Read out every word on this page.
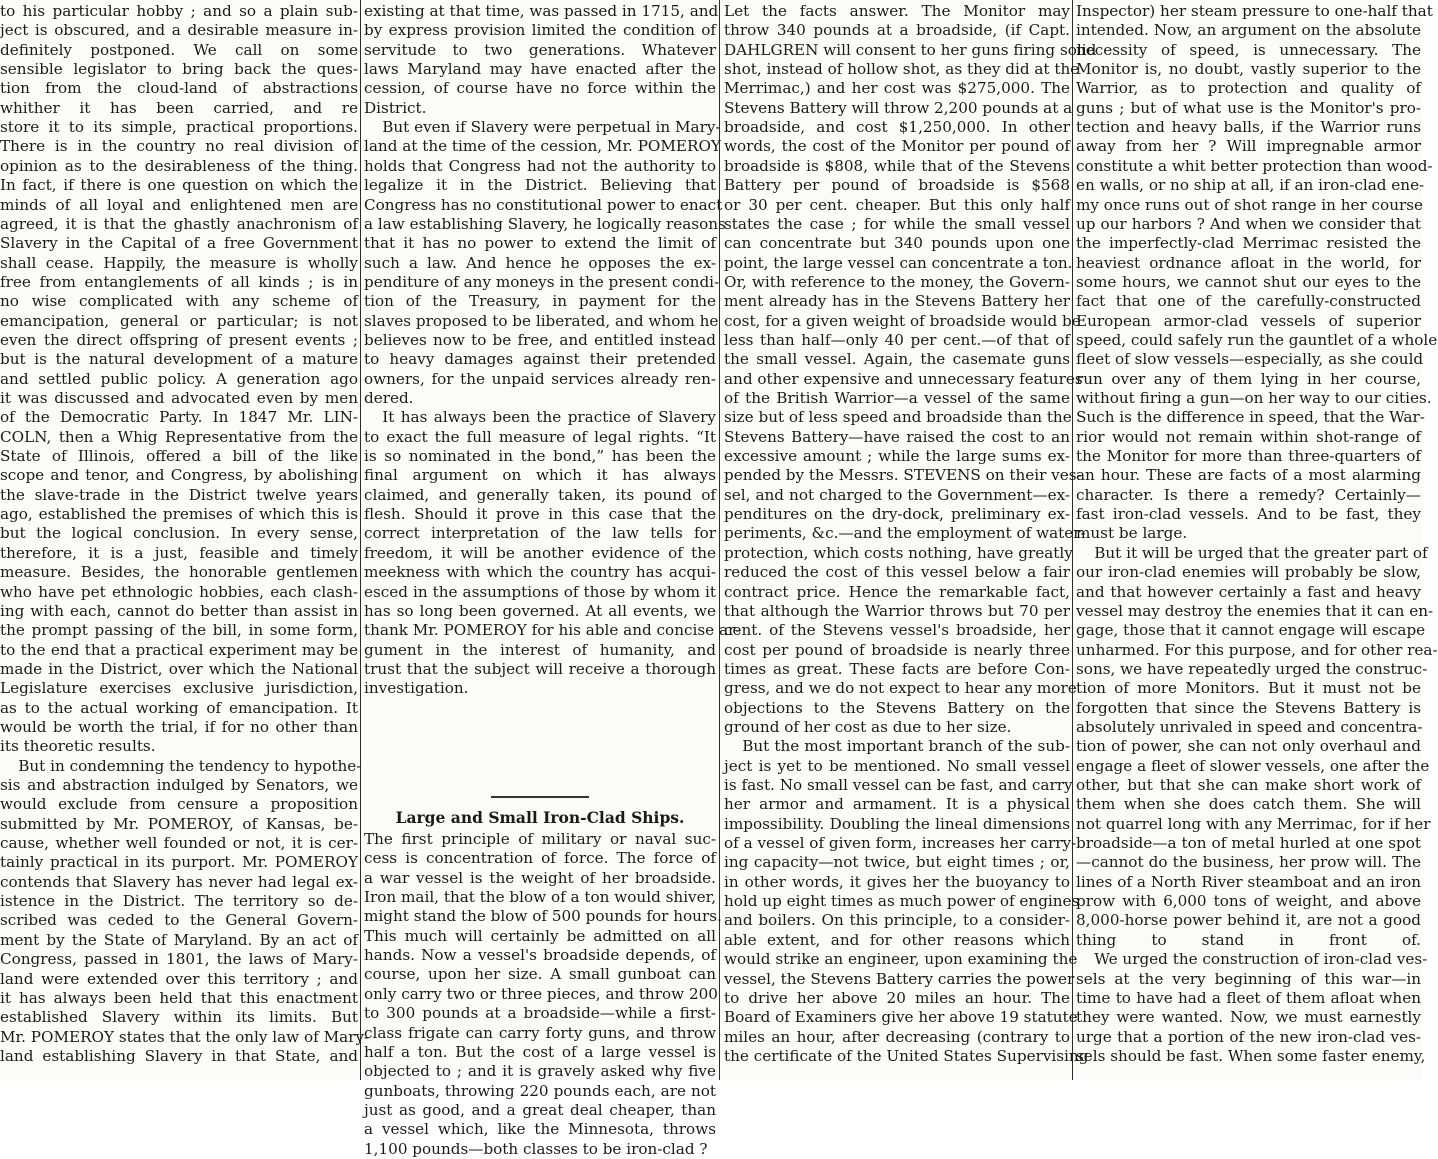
to his particular hobby ; and so a plain sub-
ject is obscured, and a desirable measure in-
definitely postponed. We call on some
sensible legislator to bring back the ques-
tion from the cloud-land of abstractions
whither it has been carried, and re
store it to its simple, practical proportions.
There is in the country no real division of
opinion as to the desirableness of the thing.
In fact, if there is one question on which the
minds of all loyal and enlightened men are
agreed, it is that the ghastly anachronism of
Slavery in the Capital of a free Government
shall cease. Happily, the measure is wholly
free from entanglements of all kinds ; is in
no wise complicated with any scheme of
emancipation, general or particular; is not
even the direct offspring of present events ;
but is the natural development of a mature
and settled public policy. A generation ago
it was discussed and advocated even by men
of the Democratic Party. In 1847 Mr. LIN-
COLN, then a Whig Representative from the
State of Illinois, offered a bill of the like
scope and tenor, and Congress, by abolishing
the slave-trade in the District twelve years
ago, established the premises of which this is
but the logical conclusion. In every sense,
therefore, it is a just, feasible and timely
measure. Besides, the honorable gentlemen
who have pet ethnologic hobbies, each clash-
ing with each, cannot do better than assist in
the prompt passing of the bill, in some form,
to the end that a practical experiment may be
made in the District, over which the National
Legislature exercises exclusive jurisdiction,
as to the actual working of emancipation. It
would be worth the trial, if for no other than
its theoretic results.
But in condemning the tendency to hypothe-
sis and abstraction indulged by Senators, we
would exclude from censure a proposition
submitted by Mr. POMEROY, of Kansas, be-
cause, whether well founded or not, it is cer-
tainly practical in its purport. Mr. POMEROY
contends that Slavery has never had legal ex-
istence in the District. The territory so de-
scribed was ceded to the General Govern-
ment by the State of Maryland. By an act of
Congress, passed in 1801, the laws of Mary-
land were extended over this territory ; and
it has always been held that this enactment
established Slavery within its limits. But
Mr. POMEROY states that the only law of Mary-
land establishing Slavery in that State, and
Large and Small Iron-Clad Ships.
existing at that time, was passed in 1715, and
by express provision limited the condition of
servitude to two generations. Whatever
laws Maryland may have enacted after the
cession, of course have no force within the
District.
But even if Slavery were perpetual in Mary-
land at the time of the cession, Mr. POMEROY
holds that Congress had not the authority to
legalize it in the District. Believing that
Congress has no constitutional power to enact
a law establishing Slavery, he logically reasons
that it has no power to extend the limit of
such a law. And hence he opposes the ex-
penditure of any moneys in the present condi-
tion of the Treasury, in payment for the
slaves proposed to be liberated, and whom he
believes now to be free, and entitled instead
to heavy damages against their pretended
owners, for the unpaid services already ren-
dered.
It has always been the practice of Slavery
to exact the full measure of legal rights. “It
is so nominated in the bond,” has been the
final argument on which it has always
claimed, and generally taken, its pound of
flesh. Should it prove in this case that the
correct interpretation of the law tells for
freedom, it will be another evidence of the
meekness with which the country has acqui-
esced in the assumptions of those by whom it
has so long been governed. At all events, we
thank Mr. POMEROY for his able and concise ar-
gument in the interest of humanity, and
trust that the subject will receive a thorough
investigation.
The first principle of military or naval suc-
cess is concentration of force. The force of
a war vessel is the weight of her broadside.
Iron mail, that the blow of a ton would shiver,
might stand the blow of 500 pounds for hours.
This much will certainly be admitted on all
hands. Now a vessel's broadside depends, of
course, upon her size. A small gunboat can
only carry two or three pieces, and throw 200
to 300 pounds at a broadside—while a first-
class frigate can carry forty guns, and throw
half a ton. But the cost of a large vessel is
objected to ; and it is gravely asked why five
gunboats, throwing 220 pounds each, are not
just as good, and a great deal cheaper, than
a vessel which, like the Minnesota, throws
1,100 pounds—both classes to be iron-clad ?
Let the facts answer. The Monitor may
throw 340 pounds at a broadside, (if Capt.
DAHLGREN will consent to her guns firing solid
shot, instead of hollow shot, as they did at the
Merrimac,) and her cost was $275,000. The
Stevens Battery will throw 2,200 pounds at a
broadside, and cost $1,250,000. In other
words, the cost of the Monitor per pound of
broadside is $808, while that of the Stevens
Battery per pound of broadside is $568
or 30 per cent. cheaper. But this only half
states the case ; for while the small vessel
can concentrate but 340 pounds upon one
point, the large vessel can concentrate a ton.
Or, with reference to the money, the Govern-
ment already has in the Stevens Battery her
cost, for a given weight of broadside would be
less than half—only 40 per cent.—of that of
the small vessel. Again, the casemate guns
and other expensive and unnecessary features
of the British Warrior—a vessel of the same
size but of less speed and broadside than the
Stevens Battery—have raised the cost to an
excessive amount ; while the large sums ex-
pended by the Messrs. STEVENS on their ves-
sel, and not charged to the Government—ex-
penditures on the dry-dock, preliminary ex-
periments, &c.—and the employment of water-
protection, which costs nothing, have greatly
reduced the cost of this vessel below a fair
contract price. Hence the remarkable fact,
that although the Warrior throws but 70 per
cent. of the Stevens vessel's broadside, her
cost per pound of broadside is nearly three
times as great. These facts are before Con-
gress, and we do not expect to hear any more
objections to the Stevens Battery on the
ground of her cost as due to her size.
But the most important branch of the sub-
ject is yet to be mentioned. No small vessel
is fast. No small vessel can be fast, and carry
her armor and armament. It is a physical
impossibility. Doubling the lineal dimensions
of a vessel of given form, increases her carry-
ing capacity—not twice, but eight times ; or,
in other words, it gives her the buoyancy to
hold up eight times as much power of engines
and boilers. On this principle, to a consider-
able extent, and for other reasons which
would strike an engineer, upon examining the
vessel, the Stevens Battery carries the power
to drive her above 20 miles an hour. The
Board of Examiners give her above 19 statute
miles an hour, after decreasing (contrary to
the certificate of the United States Supervising
Inspector) her steam pressure to one-half that
intended. Now, an argument on the absolute
necessity of speed, is unnecessary. The
Monitor is, no doubt, vastly superior to the
Warrior, as to protection and quality of
guns ; but of what use is the Monitor's pro-
tection and heavy balls, if the Warrior runs
away from her ? Will impregnable armor
constitute a whit better protection than wood-
en walls, or no ship at all, if an iron-clad ene-
my once runs out of shot range in her course
up our harbors ? And when we consider that
the imperfectly-clad Merrimac resisted the
heaviest ordnance afloat in the world, for
some hours, we cannot shut our eyes to the
fact that one of the carefully-constructed
European armor-clad vessels of superior
speed, could safely run the gauntlet of a whole
fleet of slow vessels—especially, as she could
run over any of them lying in her course,
without firing a gun—on her way to our cities.
Such is the difference in speed, that the War-
rior would not remain within shot-range of
the Monitor for more than three-quarters of
an hour. These are facts of a most alarming
character. Is there a remedy? Certainly—
fast iron-clad vessels. And to be fast, they
must be large.
But it will be urged that the greater part of
our iron-clad enemies will probably be slow,
and that however certainly a fast and heavy
vessel may destroy the enemies that it can en-
gage, those that it cannot engage will escape
unharmed. For this purpose, and for other rea-
sons, we have repeatedly urged the construc-
tion of more Monitors. But it must not be
forgotten that since the Stevens Battery is
absolutely unrivaled in speed and concentra-
tion of power, she can not only overhaul and
engage a fleet of slower vessels, one after the
other, but that she can make short work of
them when she does catch them. She will
not quarrel long with any Merrimac, for if her
broadside—a ton of metal hurled at one spot
—cannot do the business, her prow will. The
lines of a North River steamboat and an iron
prow with 6,000 tons of weight, and above
8,000-horse power behind it, are not a good
thing to stand in front of.
We urged the construction of iron-clad ves-
sels at the very beginning of this war—in
time to have had a fleet of them afloat when
they were wanted. Now, we must earnestly
urge that a portion of the new iron-clad ves-
sels should be fast. When some faster enemy,
